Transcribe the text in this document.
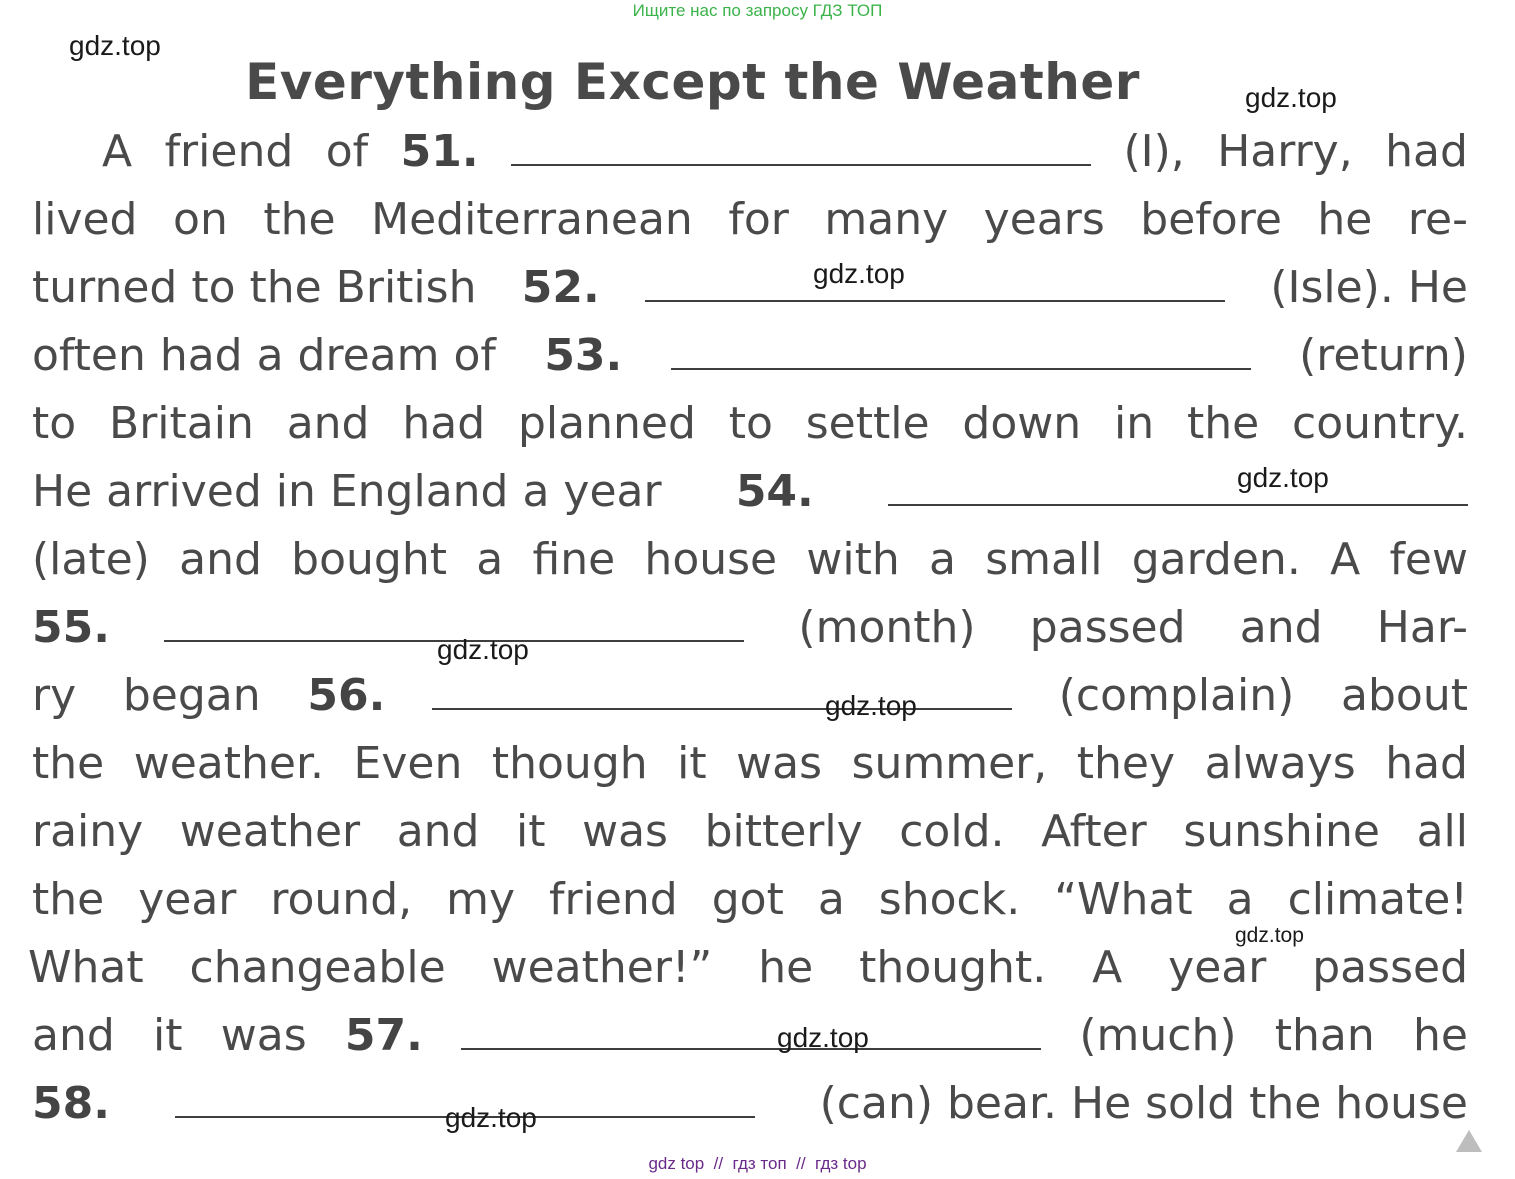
Ищите нас по запросу ГДЗ ТОП
Everything Except the Weather
A friend of 51.	(I), Harry, had
lived on the Mediterranean for many years before he re-
turned to the British 52.	(Isle). He
often had a dream of 53.	(return)
to Britain and had planned to settle down in the country.
He arrived in England a year 54.
(late) and bought a fine house with a small garden. A few
55.	(month) passed and Har-
ry began 56.	(complain) about
the weather. Even though it was summer, they always had
rainy weather and it was bitterly cold. After sunshine all
the year round, my friend got a shock. “What a climate!
What changeable weather!” he thought. A year passed
and it was 57.	(much) than he
58.	(can) bear. He sold the house
gdz.top
gdz.top
gdz.top
gdz.top
gdz.top
gdz.top
gdz.top
gdz.top
gdz.top
gdz top  //  гдз топ  //  гдз top
